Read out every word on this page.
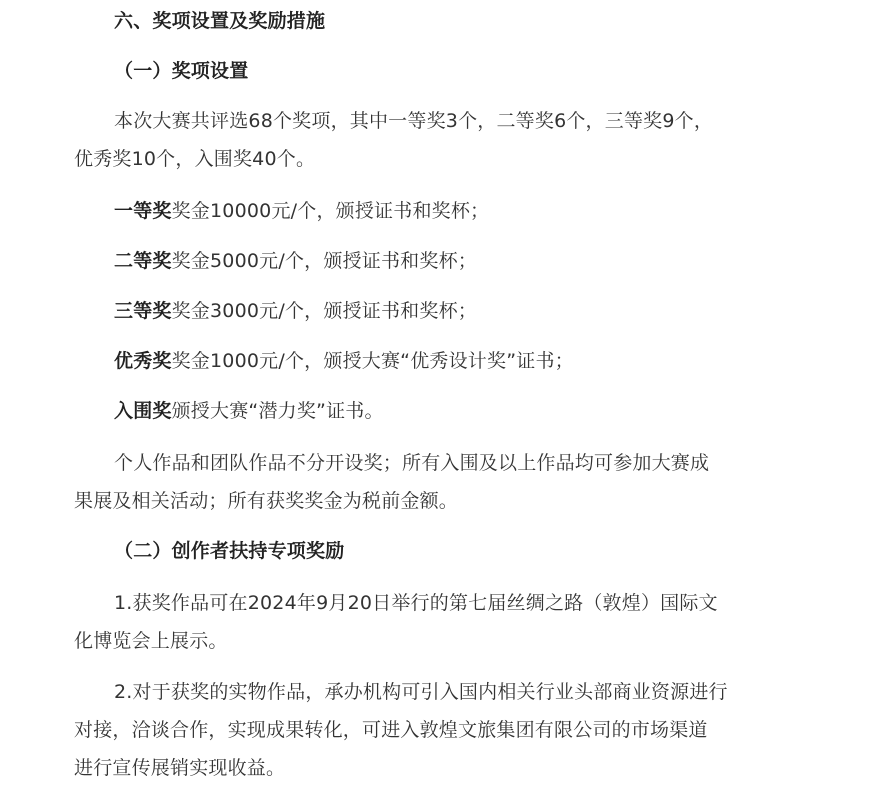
六、奖项设置及奖励措施
（一）奖项设置
本次大赛共评选68个奖项，其中一等奖3个，二等奖6个，三等奖9个，
优秀奖10个，入围奖40个。
一等奖奖金10000元/个，颁授证书和奖杯；
二等奖奖金5000元/个，颁授证书和奖杯；
三等奖奖金3000元/个，颁授证书和奖杯；
优秀奖奖金1000元/个，颁授大赛“优秀设计奖”证书；
入围奖颁授大赛“潜力奖”证书。
个人作品和团队作品不分开设奖；所有入围及以上作品均可参加大赛成
果展及相关活动；所有获奖奖金为税前金额。
（二）创作者扶持专项奖励
1.获奖作品可在2024年9月20日举行的第七届丝绸之路（敦煌）国际文
化博览会上展示。
2.对于获奖的实物作品，承办机构可引入国内相关行业头部商业资源进行
对接，洽谈合作，实现成果转化，可进入敦煌文旅集团有限公司的市场渠道
进行宣传展销实现收益。
